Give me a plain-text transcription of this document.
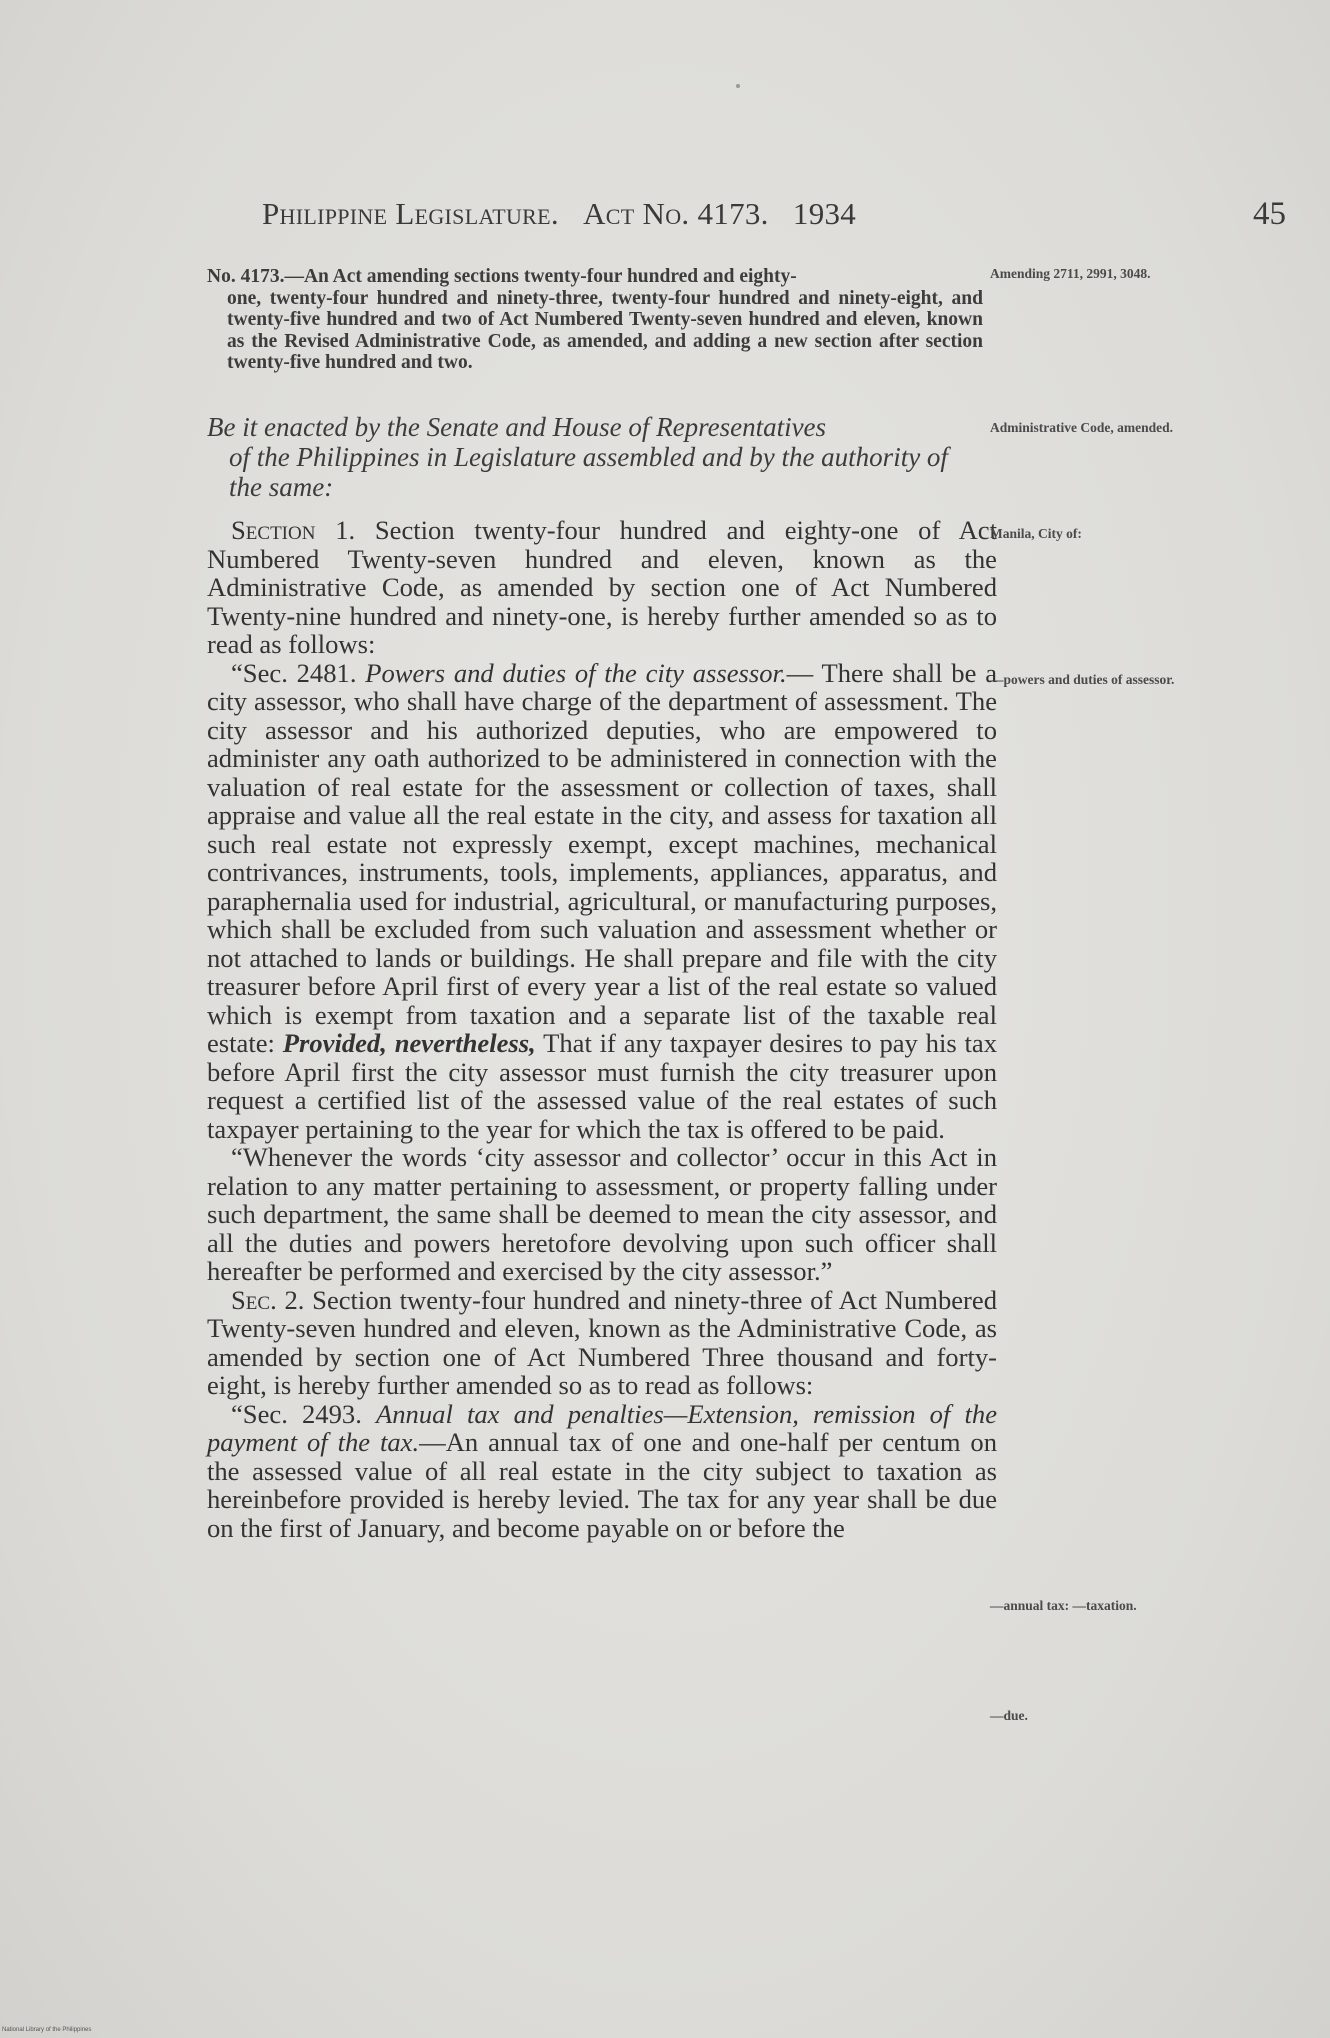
Philippine Legislature. Act No. 4173. 1934	45

No. 4173.—An Act amending sections twenty-four hundred and eighty-

one, twenty-four hundred and ninety-three, twenty-four hundred and ninety-eight, and twenty-five hundred and two of Act Numbered Twenty-seven hundred and eleven, known as the Revised Administrative Code, as amended, and adding a new section after section twenty-five hundred and two.

Be it enacted by the Senate and House of Representatives

of the Philippines in Legislature assembled and by the authority of the same:

Section 1. Section twenty-four hundred and eighty-one of Act Numbered Twenty-seven hundred and eleven, known as the Administrative Code, as amended by section one of Act Numbered Twenty-nine hundred and ninety-one, is hereby further amended so as to read as follows:

“Sec. 2481. Powers and duties of the city assessor.— There shall be a city assessor, who shall have charge of the department of assessment. The city assessor and his authorized deputies, who are empowered to administer any oath authorized to be administered in connection with the valuation of real estate for the assessment or collection of taxes, shall appraise and value all the real estate in the city, and assess for taxation all such real estate not expressly exempt, except machines, mechanical contrivances, instruments, tools, implements, appliances, apparatus, and paraphernalia used for industrial, agricultural, or manufacturing purposes, which shall be excluded from such valuation and assessment whether or not attached to lands or buildings. He shall prepare and file with the city treasurer before April first of every year a list of the real estate so valued which is exempt from taxation and a separate list of the taxable real estate: Provided, nevertheless, That if any taxpayer desires to pay his tax before April first the city assessor must furnish the city treasurer upon request a certified list of the assessed value of the real estates of such taxpayer pertaining to the year for which the tax is offered to be paid.

“Whenever the words ‘city assessor and collector’ occur in this Act in relation to any matter pertaining to assessment, or property falling under such department, the same shall be deemed to mean the city assessor, and all the duties and powers heretofore devolving upon such officer shall hereafter be performed and exercised by the city assessor.”

Sec. 2. Section twenty-four hundred and ninety-three of Act Numbered Twenty-seven hundred and eleven, known as the Administrative Code, as amended by section one of Act Numbered Three thousand and forty-eight, is hereby further amended so as to read as follows:

“Sec. 2493. Annual tax and penalties—Extension, remission of the payment of the tax.—An annual tax of one and one-half per centum on the assessed value of all real estate in the city subject to taxation as hereinbefore provided is hereby levied. The tax for any year shall be due on the first of January, and become payable on or before the

Amending 2711, 2991, 3048.
Administrative Code, amended.
Manila, City of:
—powers and duties of assessor.
—annual tax: —taxation.
—due.
National Library of the Philippines
